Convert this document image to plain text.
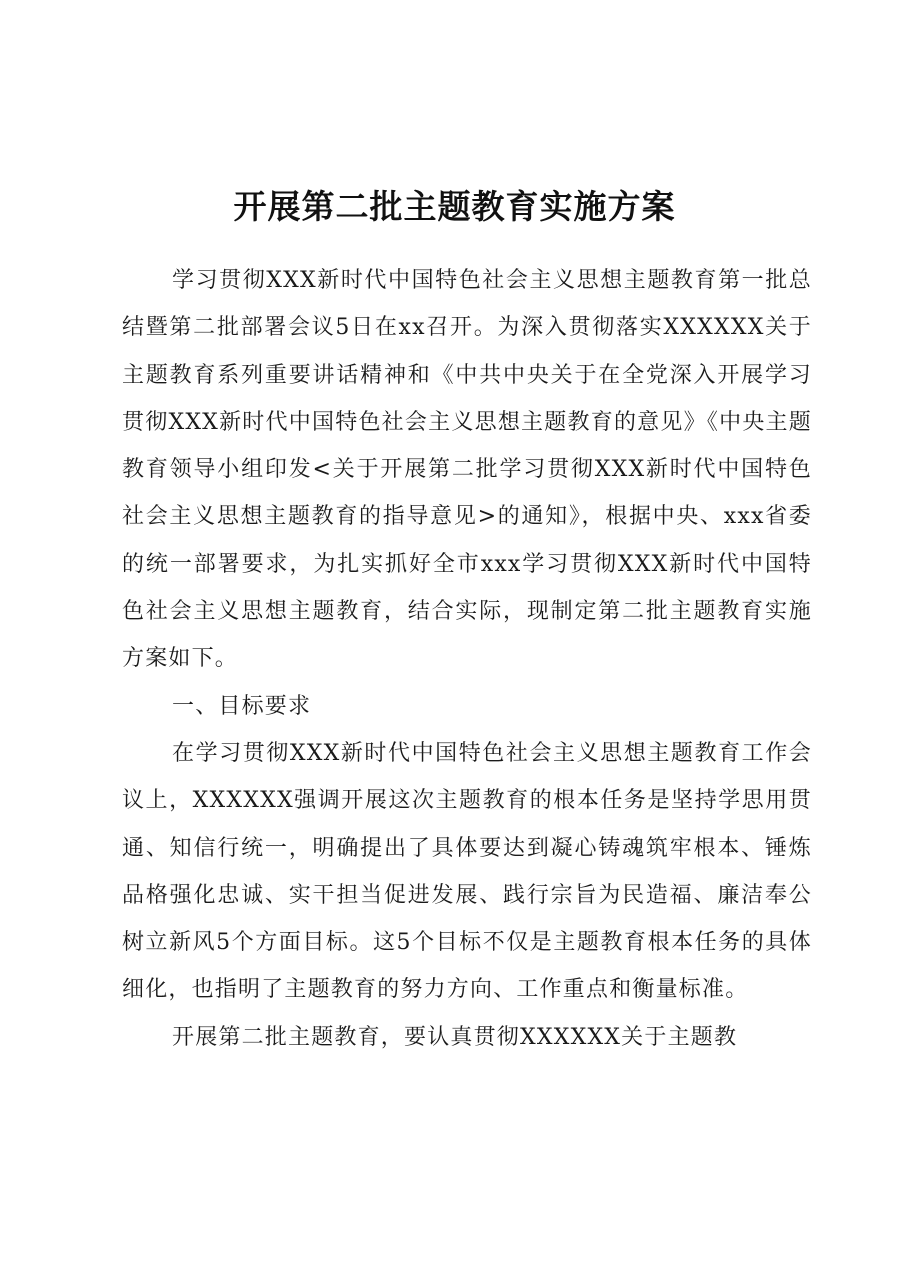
开展第二批主题教育实施方案

学习贯彻XXX新时代中国特色社会主义思想主题教育第一批总结暨第二批部署会议5日在xx召开。为深入贯彻落实XXXXXX关于主题教育系列重要讲话精神和《中共中央关于在全党深入开展学习贯彻XXX新时代中国特色社会主义思想主题教育的意见》《中央主题教育领导小组印发<关于开展第二批学习贯彻XXX新时代中国特色社会主义思想主题教育的指导意见>的通知》，根据中央、xxx省委的统一部署要求，为扎实抓好全市xxx学习贯彻XXX新时代中国特色社会主义思想主题教育，结合实际，现制定第二批主题教育实施方案如下。

一、目标要求

在学习贯彻XXX新时代中国特色社会主义思想主题教育工作会议上，XXXXXX强调开展这次主题教育的根本任务是坚持学思用贯通、知信行统一，明确提出了具体要达到凝心铸魂筑牢根本、锤炼品格强化忠诚、实干担当促进发展、践行宗旨为民造福、廉洁奉公树立新风5个方面目标。这5个目标不仅是主题教育根本任务的具体细化，也指明了主题教育的努力方向、工作重点和衡量标准。

开展第二批主题教育，要认真贯彻XXXXXX关于主题教
